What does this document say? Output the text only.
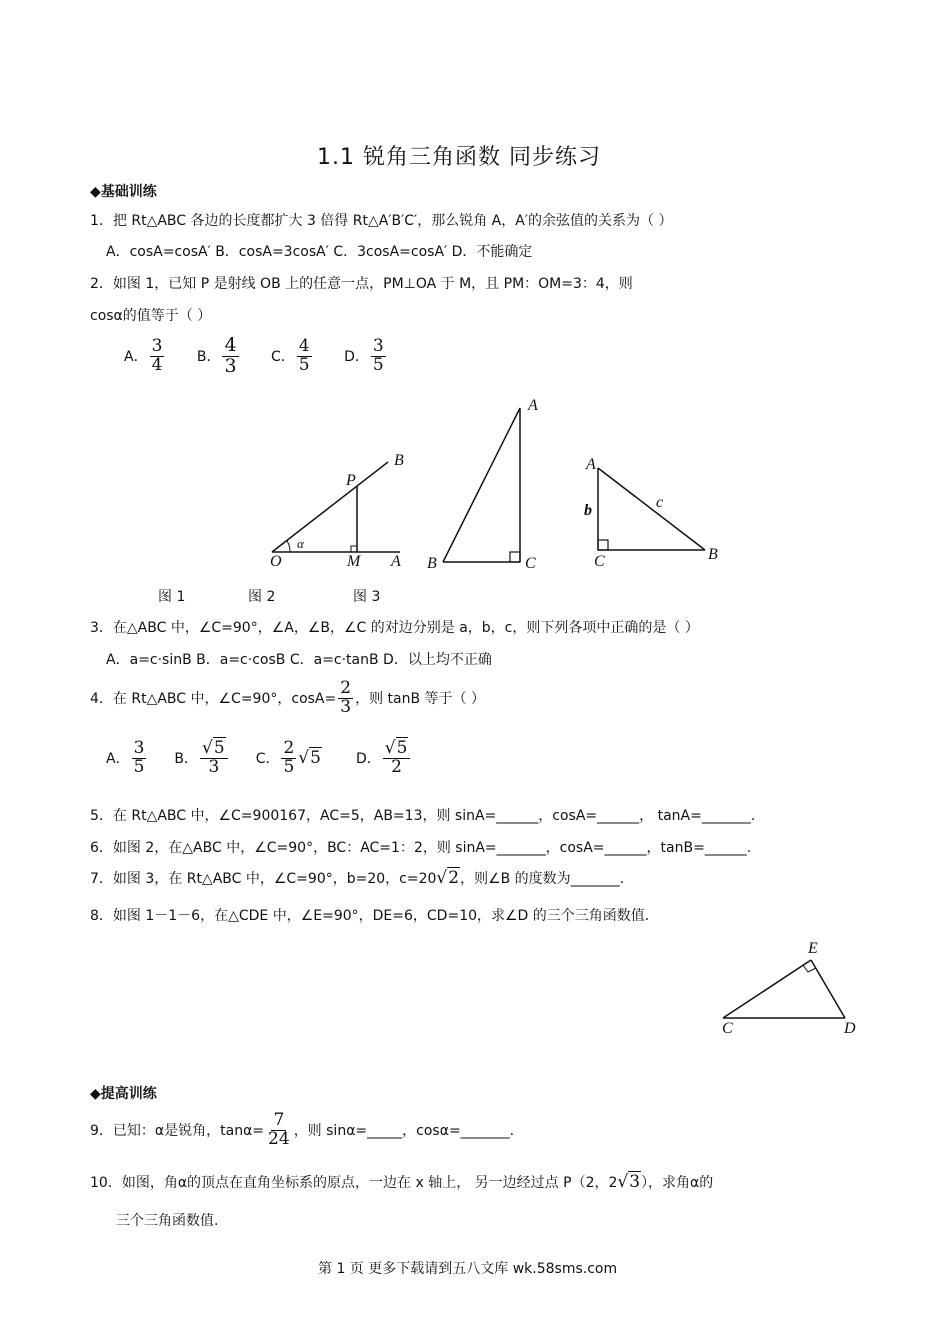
1.1 锐角三角函数 同步练习
◆基础训练
1．把 Rt△ABC 各边的长度都扩大 3 倍得 Rt△A′B′C′，那么锐角 A，A′的余弦值的关系为（ ）
A．cosA=cosA′ B．cosA=3cosA′ C．3cosA=cosA′ D．不能确定
2．如图 1，已知 P 是射线 OB 上的任意一点，PM⊥OA 于 M，且 PM：OM=3：4，则
cosα的值等于（ ）
A． $\frac{3}{4}$
B． $\frac{4}{3}$
C． $\frac{4}{5}$
D． $\frac{3}{5}$
O
α
M A
P
B
A
B	C
A
b	c
C	B
图 1	图 2	图 3
3．在△ABC 中，∠C=90°，∠A，∠B，∠C 的对边分别是 a，b，c，则下列各项中正确的是（ ）
A．a=c·sinB B．a=c·cosB C．a=c·tanB D．以上均不正确
4．在 Rt△ABC 中，∠C=90°，$\cos A= \frac{2}{3}$ ，则 tanB 等于（ ）
A． $\frac{3}{5}$ B． $\frac{√5}{3}$ C． $\frac{2}{5} √5$	D． $\frac{√5}{2}$
5．在 Rt△ABC 中，∠C=900167，AC=5，AB=13，则 sinA=______，cosA=______， tanA=_______.
6．如图 2，在△ABC 中，∠C=90°，BC：AC=1：2，则 sinA=_______，cosA=______，tanB=______.
7．如图 3，在 Rt△ABC 中，∠C=90°，b=20，c=20 √2 ，则∠B 的度数为_______.
8．如图 1－1－6，在△CDE 中，∠E=90°，DE=6，CD=10，求∠D 的三个三角函数值.
E
C	D
◆提高训练
9．已知：α是锐角，$\tan\alpha= \frac{7}{24}$ ，则 sinα=_____，cosα=_______.
10．如图，角α的顶点在直角坐标系的原点，一边在 x 轴上， 另一边经过点 P（2，2 √3 ），求角α的
三个三角函数值.
第 1 页 更多下载请到五八文库 wk.58sms.com
